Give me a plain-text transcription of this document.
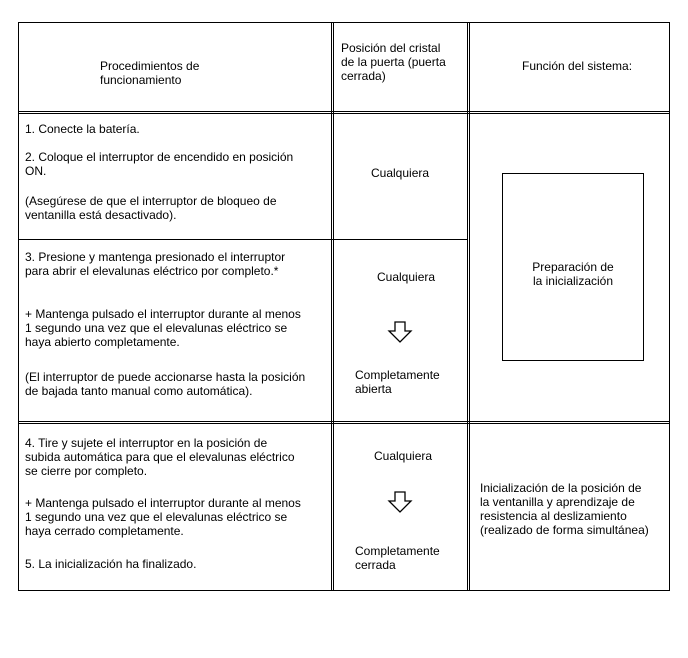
Procedimientos de
funcionamiento
Posición del cristal
de la puerta (puerta
cerrada)
Función del sistema:
1. Conecte la batería.
2. Coloque el interruptor de encendido en posición
ON.
(Asegúrese de que el interruptor de bloqueo de
ventanilla está desactivado).
Cualquiera
3. Presione y mantenga presionado el interruptor
para abrir el elevalunas eléctrico por completo.*
+ Mantenga pulsado el interruptor durante al menos
1 segundo una vez que el elevalunas eléctrico se
haya abierto completamente.
(El interruptor de puede accionarse hasta la posición
de bajada tanto manual como automática).
Cualquiera
Completamente
abierta
Preparación de
la inicialización
4. Tire y sujete el interruptor en la posición de
subida automática para que el elevalunas eléctrico
se cierre por completo.
+ Mantenga pulsado el interruptor durante al menos
1 segundo una vez que el elevalunas eléctrico se
haya cerrado completamente.
5. La inicialización ha finalizado.
Cualquiera
Completamente
cerrada
Inicialización de la posición de
la ventanilla y aprendizaje de
resistencia al deslizamiento
(realizado de forma simultánea)
